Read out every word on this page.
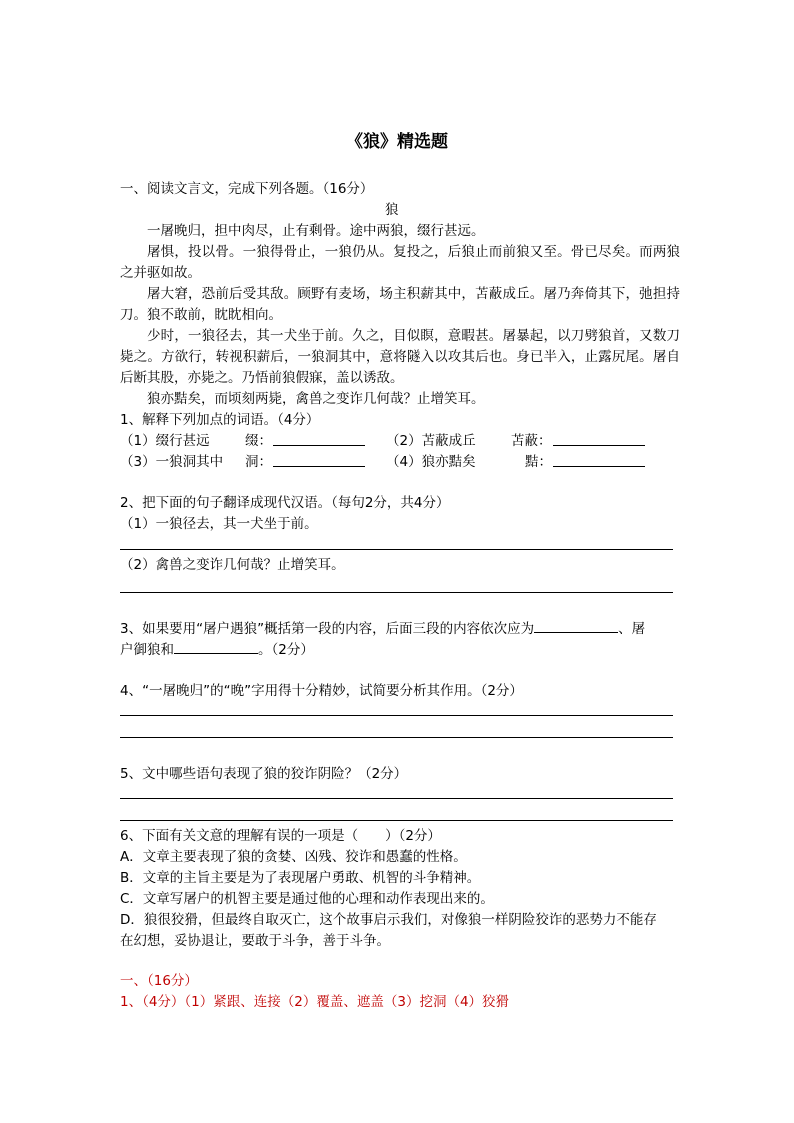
《狼》精选题
一、阅读文言文，完成下列各题。（16分）
狼
一屠晚归，担中肉尽，止有剩骨。途中两狼，缀行甚远。
屠惧，投以骨。一狼得骨止，一狼仍从。复投之，后狼止而前狼又至。骨已尽矣。而两狼之并驱如故。
屠大窘，恐前后受其敌。顾野有麦场，场主积薪其中，苫蔽成丘。屠乃奔倚其下，弛担持刀。狼不敢前，眈眈相向。
少时，一狼径去，其一犬坐于前。久之，目似瞑，意暇甚。屠暴起，以刀劈狼首，又数刀毙之。方欲行，转视积薪后，一狼洞其中，意将隧入以攻其后也。身已半入，止露尻尾。屠自后断其股，亦毙之。乃悟前狼假寐，盖以诱敌。
狼亦黠矣，而顷刻两毙，禽兽之变诈几何哉？止增笑耳。
1、解释下列加点的词语。（4分）
（1）缀行甚远	缀：	（2）苫蔽成丘	苫蔽：
（3）一狼洞其中 洞：	（4）狼亦黠矣	黠：
2、把下面的句子翻译成现代汉语。（每句2分，共4分）
（1）一狼径去，其一犬坐于前。
（2）禽兽之变诈几何哉？止增笑耳。
3、如果要用“屠户遇狼”概括第一段的内容，后面三段的内容依次应为	、屠
户御狼和	。（2分）
4、“一屠晚归”的“晚”字用得十分精妙，试简要分析其作用。（2分）
5、文中哪些语句表现了狼的狡诈阴险？（2分）
6、下面有关文意的理解有误的一项是（　　）（2分）
A．文章主要表现了狼的贪婪、凶残、狡诈和愚蠢的性格。
B．文章的主旨主要是为了表现屠户勇敢、机智的斗争精神。
C．文章写屠户的机智主要是通过他的心理和动作表现出来的。
D．狼很狡猾，但最终自取灭亡，这个故事启示我们，对像狼一样阴险狡诈的恶势力不能存在幻想，妥协退让，要敢于斗争，善于斗争。
一、（16分）
1、（4分）（1）紧跟、连接（2）覆盖、遮盖（3）挖洞（4）狡猾
